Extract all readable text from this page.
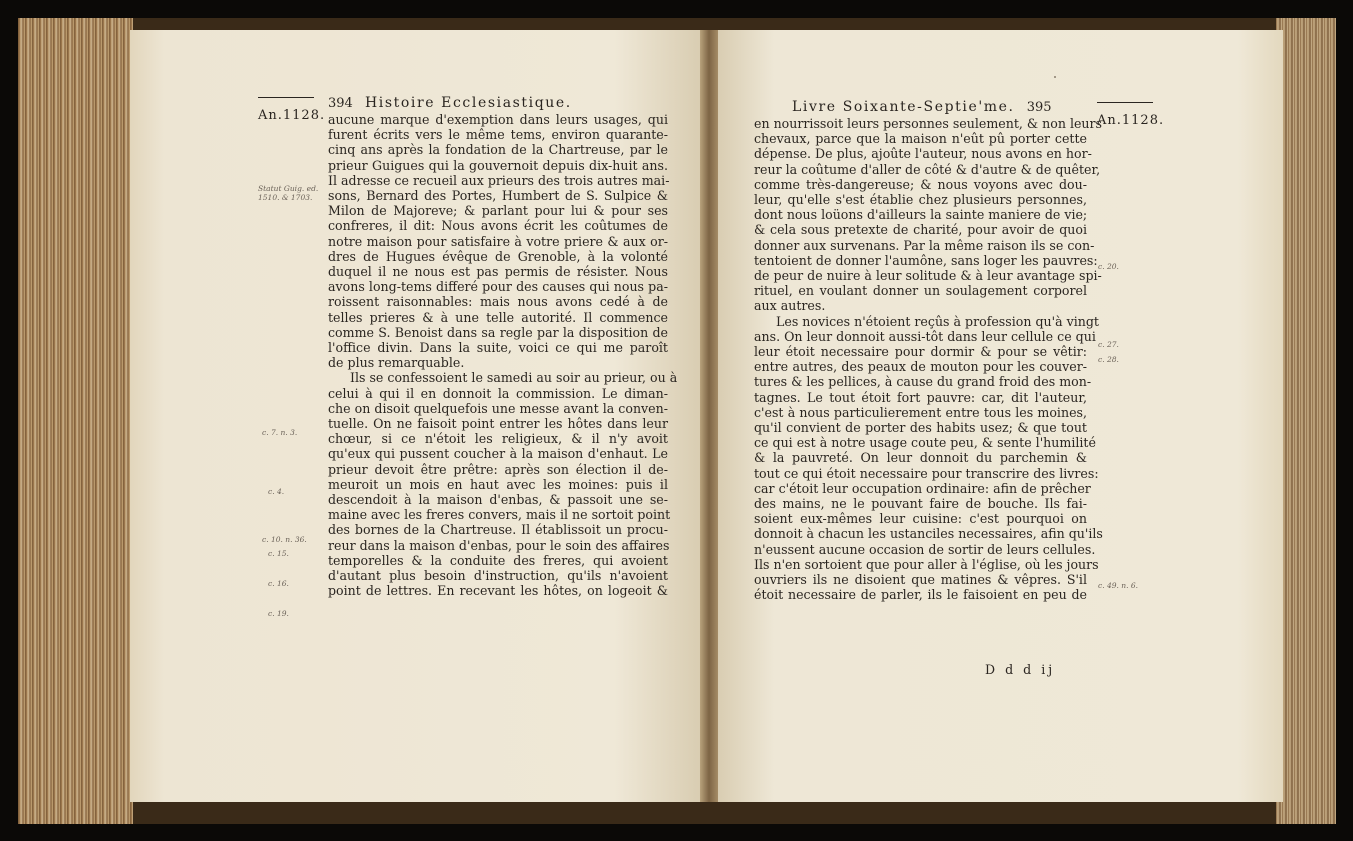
An.1128.
394 Histoire Ecclesiastique.

aucune marque d'exemption dans leurs usages, qui
furent écrits vers le même tems, environ quarante-
cinq ans après la fondation de la Chartreuse, par le
prieur Guigues qui la gouvernoit depuis dix-huit ans.
Il adresse ce recueil aux prieurs des trois autres mai-
sons, Bernard des Portes, Humbert de S. Sulpice &
Milon de Majoreve; & parlant pour lui & pour ses
confreres, il dit: Nous avons écrit les coûtumes de
notre maison pour satisfaire à votre priere & aux or-
dres de Hugues évêque de Grenoble, à la volonté
duquel il ne nous est pas permis de résister. Nous
avons long-tems differé pour des causes qui nous pa-
roissent raisonnables: mais nous avons cedé à de
telles prieres & à une telle autorité. Il commence
comme S. Benoist dans sa regle par la disposition de
l'office divin. Dans la suite, voici ce qui me paroît
de plus remarquable.

Ils se confessoient le samedi au soir au prieur, ou à
celui à qui il en donnoit la commission. Le diman-
che on disoit quelquefois une messe avant la conven-
tuelle. On ne faisoit point entrer les hôtes dans leur
chœur, si ce n'étoit les religieux, & il n'y avoit
qu'eux qui pussent coucher à la maison d'enhaut. Le
prieur devoit être prêtre: après son élection il de-
meuroit un mois en haut avec les moines: puis il
descendoit à la maison d'enbas, & passoit une se-
maine avec les freres convers, mais il ne sortoit point
des bornes de la Chartreuse. Il établissoit un procu-
reur dans la maison d'enbas, pour le soin des affaires
temporelles & la conduite des freres, qui avoient
d'autant plus besoin d'instruction, qu'ils n'avoient
point de lettres. En recevant les hôtes, on logeoit &

Statut Guig. ed.
1510. & 1703.
c. 7. n. 3.
c. 4.
c. 10. n. 36.
c. 15.
c. 16.
c. 19.
Livre Soixante-Septie'me. 395
An.1128.

en nourrissoit leurs personnes seulement, & non leurs
chevaux, parce que la maison n'eût pû porter cette
dépense. De plus, ajoûte l'auteur, nous avons en hor-
reur la coûtume d'aller de côté & d'autre & de quêter,
comme très-dangereuse; & nous voyons avec dou-
leur, qu'elle s'est établie chez plusieurs personnes,
dont nous loüons d'ailleurs la sainte maniere de vie;
& cela sous pretexte de charité, pour avoir de quoi
donner aux survenans. Par la même raison ils se con-
tentoient de donner l'aumône, sans loger les pauvres:
de peur de nuire à leur solitude & à leur avantage spi-
rituel, en voulant donner un soulagement corporel
aux autres.

Les novices n'étoient reçûs à profession qu'à vingt
ans. On leur donnoit aussi-tôt dans leur cellule ce qui
leur étoit necessaire pour dormir & pour se vêtir:
entre autres, des peaux de mouton pour les couver-
tures & les pellices, à cause du grand froid des mon-
tagnes. Le tout étoit fort pauvre: car, dit l'auteur,
c'est à nous particulierement entre tous les moines,
qu'il convient de porter des habits usez; & que tout
ce qui est à notre usage coute peu, & sente l'humilité
& la pauvreté. On leur donnoit du parchemin &
tout ce qui étoit necessaire pour transcrire des livres:
car c'étoit leur occupation ordinaire: afin de prêcher
des mains, ne le pouvant faire de bouche. Ils fai-
soient eux-mêmes leur cuisine: c'est pourquoi on
donnoit à chacun les ustanciles necessaires, afin qu'ils
n'eussent aucune occasion de sortir de leurs cellules.
Ils n'en sortoient que pour aller à l'église, où les jours
ouvriers ils ne disoient que matines & vêpres. S'il
étoit necessaire de parler, ils le faisoient en peu de

D d d ij
c. 20.
c. 27.
c. 28.
c. 49. n. 6.
